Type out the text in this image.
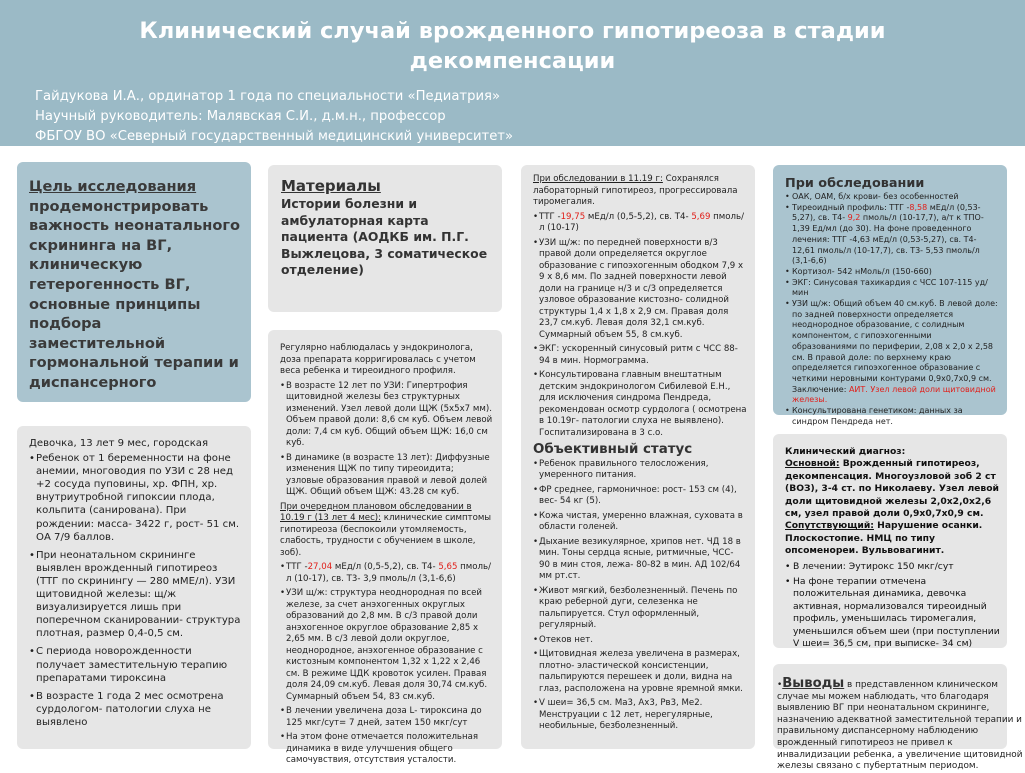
Клинический случай врожденного гипотиреоза в стадии декомпенсации
Гайдукова И.А., ординатор 1 года по специальности «Педиатрия»
Научный руководитель: Малявская С.И., д.м.н., профессор
ФБГОУ ВО «Северный государственный медицинский университет»
Цель исследования продемонстрировать важность неонатального скрининга на ВГ, клиническую гетерогенность ВГ, основные принципы подбора заместительной гормональной терапии и диспансерного
Девочка, 13 лет 9 мес, городская
• Ребенок от 1 беременности на фоне анемии, многоводия по УЗИ с 28 нед +2 сосуда пуповины, хр. ФПН, хр. внутриутробной гипоксии плода, кольпита (санирована). При рождении: масса- 3422 г, рост- 51 см. ОА 7/9 баллов.
• При неонатальном скрининге выявлен врожденный гипотиреоз (ТТГ по скринингу — 280 мМЕ/л). УЗИ щитовидной железы: щ/ж визуализируется лишь при поперечном сканировании- структура плотная, размер 0,4-0,5 см.
• С периода новорожденности получает заместительную терапию препаратами тироксина
• В возрасте 1 года 2 мес осмотрена сурдологом- патологии слуха не выявлено
Материалы
Истории болезни и амбулаторная карта пациента (АОДКБ им. П.Г. Выжлецова, 3 соматическое отделение)
Регулярно наблюдалась у эндокринолога, доза препарата корригировалась с учетом веса ребенка и тиреоидного профиля.
• В возрасте 12 лет по УЗИ: Гипертрофия щитовидной железы без структурных изменений. Узел левой доли ЩЖ (5х5х7 мм). Объем правой доли: 8,6 см куб. Объем левой доли: 7,4 см куб. Общий объем ЩЖ: 16,0 см куб.
• В динамике (в возрасте 13 лет): Диффузные изменения ЩЖ по типу тиреоидита; узловые образования правой и левой долей ЩЖ. Общий объем ЩЖ: 43.28 см куб.
При очередном плановом обследовании в 10.19 г (13 лет 4 мес): клинические симптомы гипотиреоза (беспокоили утомляемость, слабость, трудности с обучением в школе, зоб).
• ТТГ -27,04 мЕд/л (0,5-5,2), св. Т4- 5,65 пмоль/л (10-17), св. Т3- 3,9 пмоль/л (3,1-6,6)
• УЗИ щ/ж: структура неоднородная по всей железе, за счет анэхогенных округлых образований до 2,8 мм. В с/3 правой доли анэхогенное округлое образование 2,85 х 2,65 мм. В с/3 левой доли округлое, неоднородное, анэхогенное образование с кистозным компонентом 1,32 х 1,22 х 2,46 см. В режиме ЦДК кровоток усилен. Правая доля 24,09 см.куб. Левая доля 30,74 см.куб. Суммарный объем 54, 83 см.куб.
• В лечении увеличена доза L- тироксина до 125 мкг/сут= 7 дней, затем 150 мкг/сут
• На этом фоне отмечается положительная динамика в виде улучшения общего самочувствия, отсутствия усталости.
При обследовании в 11.19 г: Сохранялся лабораторный гипотиреоз, прогрессировала тиромегалия.
• ТТГ -19,75 мЕд/л (0,5-5,2), св. Т4- 5,69 пмоль/л (10-17)
• УЗИ щ/ж: по передней поверхности в/3 правой доли определяется округлое образование с гипоэхогенным ободком 7,9 х 9 х 8,6 мм. По задней поверхности левой доли на границе н/3 и с/3 определяется узловое образование кистозно- солидной структуры 1,4 х 1,8 х 2,9 см. Правая доля 23,7 см.куб. Левая доля 32,1 см.куб. Суммарный объем 55, 8 см.куб.
• ЭКГ: ускоренный синусовый ритм с ЧСС 88-94 в мин. Нормограмма.
• Консультирована главным внештатным детским эндокринологом Сибилевой Е.Н., для исключения синдрома Пендреда, рекомендован осмотр сурдолога ( осмотрена в 10.19г- патологии слуха не выявлено). Госпитализирована в 3 с.о.
Объективный статус
• Ребенок правильного телосложения, умеренного питания.
• ФР среднее, гармоничное: рост- 153 см (4), вес- 54 кг (5).
• Кожа чистая, умеренно влажная, суховата в области голеней.
• Дыхание везикулярное, хрипов нет. ЧД 18 в мин. Тоны сердца ясные, ритмичные, ЧСС- 90 в мин стоя, лежа- 80-82 в мин. АД 102/64 мм рт.ст.
• Живот мягкий, безболезненный. Печень по краю реберной дуги, селезенка не пальпируется. Стул оформленный, регулярный.
• Отеков нет.
• Щитовидная железа увеличена в размерах, плотно- эластической консистенции, пальпируются перешеек и доли, видна на глаз, расположена на уровне яремной ямки.
• V шеи= 36,5 см. Ма3, Ах3, Рв3, Ме2. Менструации с 12 лет, нерегулярные, необильные, безболезненный.
При обследовании
• ОАК, ОАМ, б/х крови- без особенностей
• Тиреоидный профиль: ТТГ -8,58 мЕд/л (0,53-5,27), св. Т4- 9,2 пмоль/л (10-17,7), а/т к ТПО- 1,39 Ед/мл (до 30). На фоне проведенного лечения: ТТГ -4,63 мЕд/л (0,53-5,27), св. Т4- 12,61 пмоль/л (10-17,7), св. Т3- 5,53 пмоль/л (3,1-6,6)
• Кортизол- 542 нМоль/л (150-660)
• ЭКГ: Синусовая тахикардия с ЧСС 107-115 уд/мин
• УЗИ щ/ж: Общий объем 40 см.куб. В левой доле: по задней поверхности определяется неоднородное образование, с солидным компонентом, с гипоэхогенными образованиями по периферии, 2,08 х 2,0 х 2,58 см. В правой доле: по верхнему краю определяется гипоэхогенное образование с четкими неровными контурами 0,9х0,7х0,9 см. Заключение: АИТ. Узел левой доли щитовидной железы.
• Консультирована генетиком: данных за синдром Пендреда нет.
Клинический диагноз:
Основной: Врожденный гипотиреоз, декомпенсация. Многоузловой зоб 2 ст (ВОЗ), 3-4 ст. по Николаеву. Узел левой доли щитовидной железы 2,0х2,0х2,6 см, узел правой доли 0,9х0,7х0,9 см.
Сопутствующий: Нарушение осанки. Плоскостопие. НМЦ по типу опсоменореи. Вульвовагинит.
• В лечении: Эутирокс 150 мкг/сут
• На фоне терапии отмечена положительная динамика, девочка активная, нормализовался тиреоидный профиль, уменьшилась тиромегалия, уменьшился объем шеи (при поступлении V шеи= 36,5 см, при выписке- 34 см)
•Выводы в представленном клиническом случае мы можем наблюдать, что благодаря выявлению ВГ при неонатальном скрининге, назначению адекватной заместительной терапии и правильному диспансерному наблюдению врожденный гипотиреоз не привел к инвалидизации ребенка, а увеличение щитовидной железы связано с пубертатным периодом.
